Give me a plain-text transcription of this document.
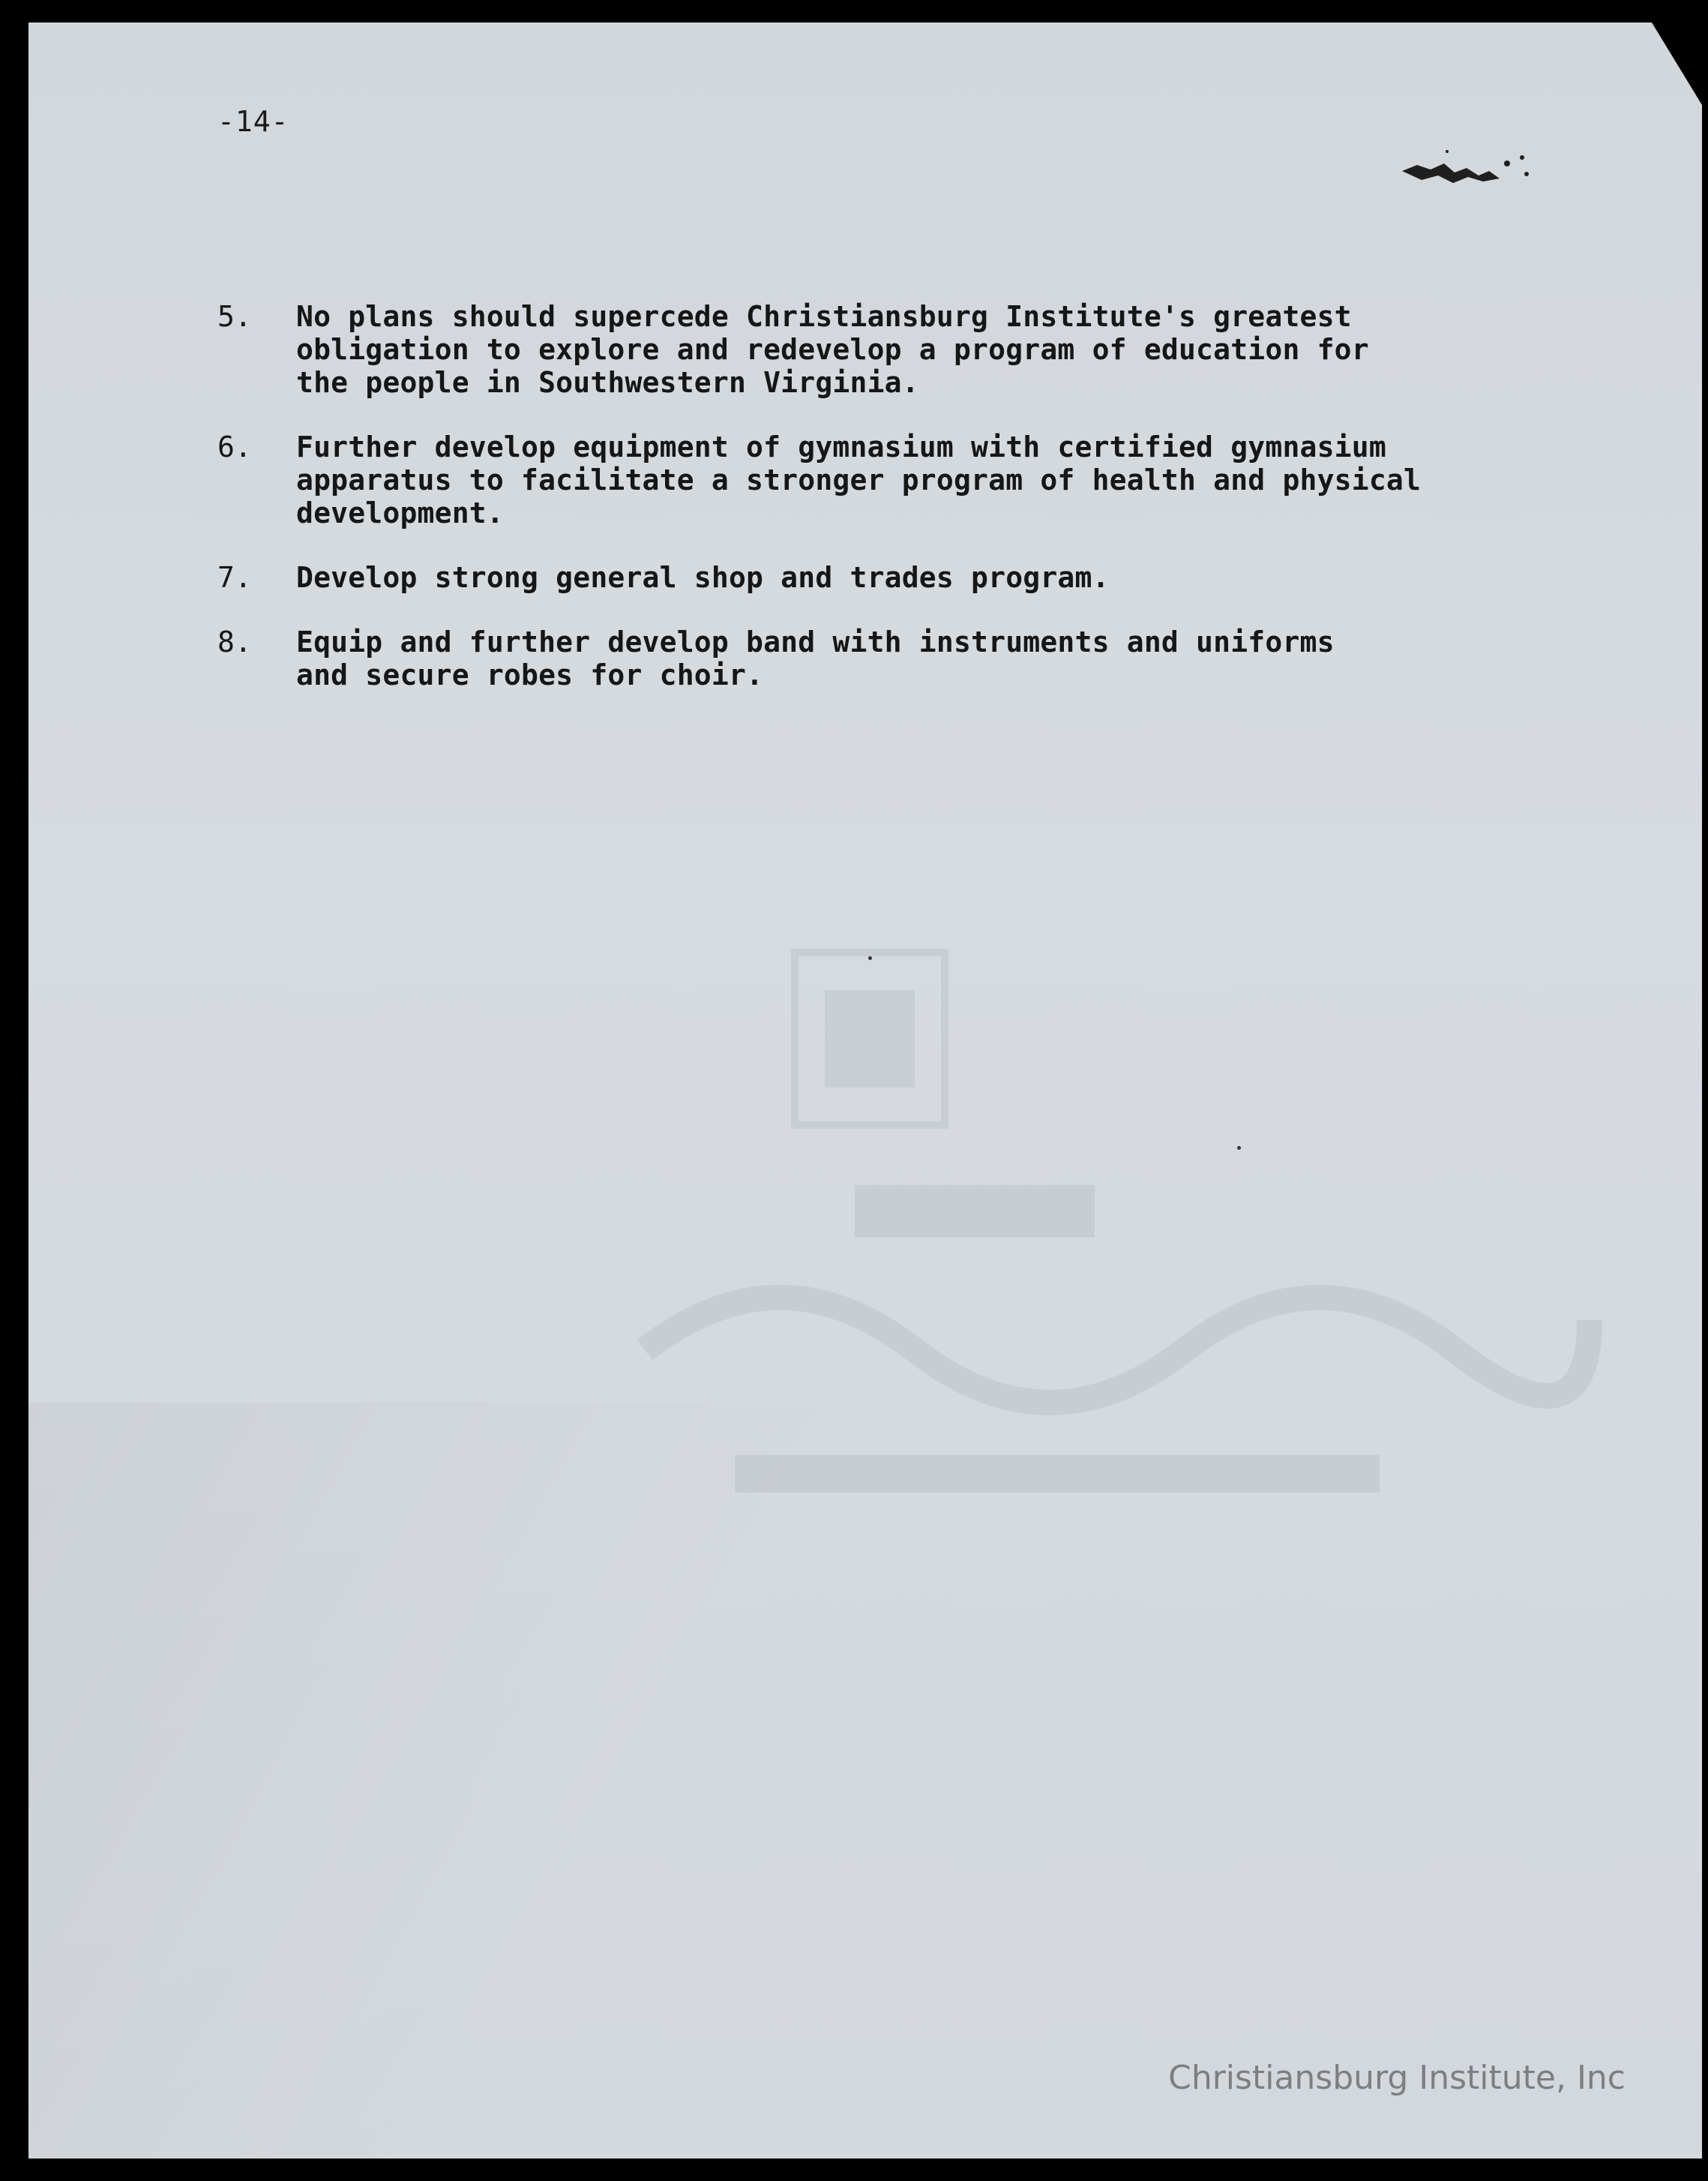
-14-
5.	No plans should supercede Christiansburg Institute's greatest
obligation to explore and redevelop a program of education for
the people in Southwestern Virginia.
6.	Further develop equipment of gymnasium with certified gymnasium
apparatus to facilitate a stronger program of health and physical
development.
7.	Develop strong general shop and trades program.
8.	Equip and further develop band with instruments and uniforms
and secure robes for choir.
Christiansburg Institute, Inc
